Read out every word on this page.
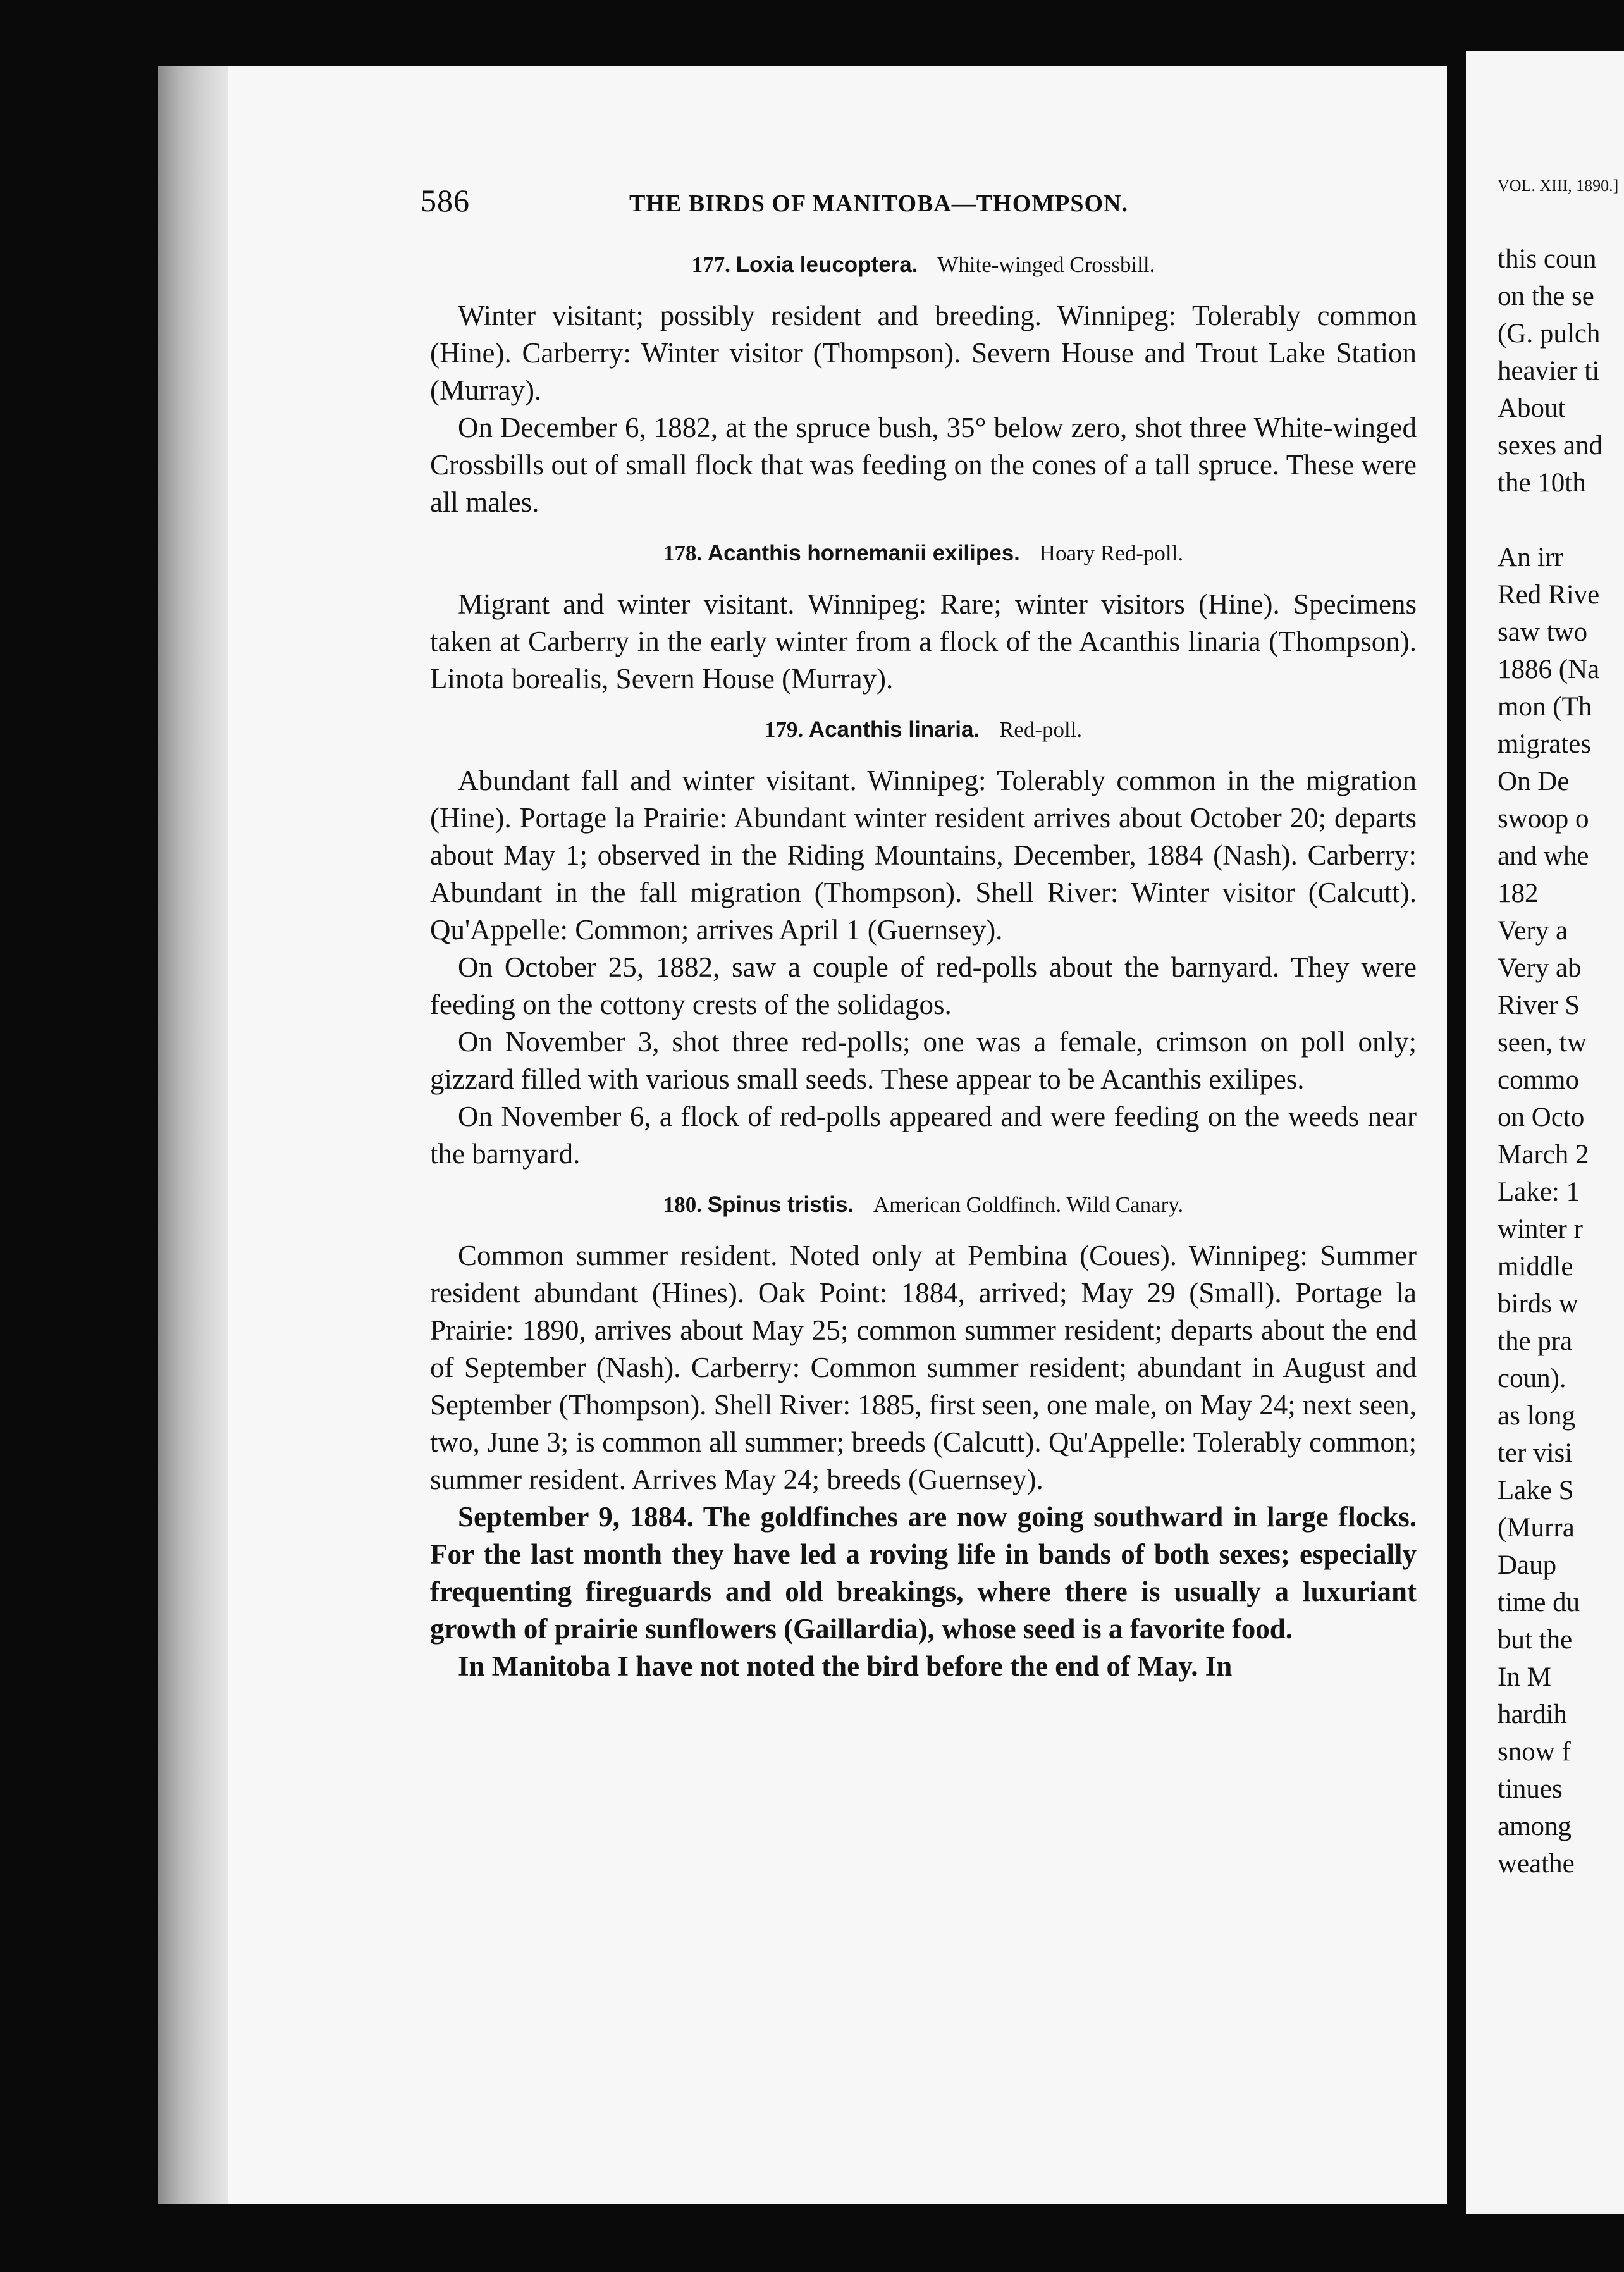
586	THE BIRDS OF MANITOBA—THOMPSON.
177. Loxia leucoptera. White-winged Crossbill.

Winter visitant; possibly resident and breeding. Winnipeg: Tolerably common (Hine). Carberry: Winter visitor (Thompson). Severn House and Trout Lake Station (Murray).

On December 6, 1882, at the spruce bush, 35° below zero, shot three White-winged Crossbills out of small flock that was feeding on the cones of a tall spruce. These were all males.

178. Acanthis hornemanii exilipes. Hoary Red-poll.

Migrant and winter visitant. Winnipeg: Rare; winter visitors (Hine). Specimens taken at Carberry in the early winter from a flock of the Acanthis linaria (Thompson). Linota borealis, Severn House (Murray).

179. Acanthis linaria. Red-poll.

Abundant fall and winter visitant. Winnipeg: Tolerably common in the migration (Hine). Portage la Prairie: Abundant winter resident arrives about October 20; departs about May 1; observed in the Riding Mountains, December, 1884 (Nash). Carberry: Abundant in the fall migration (Thompson). Shell River: Winter visitor (Calcutt). Qu'Appelle: Common; arrives April 1 (Guernsey).

On October 25, 1882, saw a couple of red-polls about the barnyard. They were feeding on the cottony crests of the solidagos.

On November 3, shot three red-polls; one was a female, crimson on poll only; gizzard filled with various small seeds. These appear to be Acanthis exilipes.

On November 6, a flock of red-polls appeared and were feeding on the weeds near the barnyard.

180. Spinus tristis. American Goldfinch. Wild Canary.

Common summer resident. Noted only at Pembina (Coues). Winnipeg: Summer resident abundant (Hines). Oak Point: 1884, arrived; May 29 (Small). Portage la Prairie: 1890, arrives about May 25; common summer resident; departs about the end of September (Nash). Carberry: Common summer resident; abundant in August and September (Thompson). Shell River: 1885, first seen, one male, on May 24; next seen, two, June 3; is common all summer; breeds (Calcutt). Qu'Appelle: Tolerably common; summer resident. Arrives May 24; breeds (Guernsey).

September 9, 1884. The goldfinches are now going southward in large flocks. For the last month they have led a roving life in bands of both sexes; especially frequenting fireguards and old breakings, where there is usually a luxuriant growth of prairie sunflowers (Gaillardia), whose seed is a favorite food.

In Manitoba I have not noted the bird before the end of May. In

VOL. XIII, 1890.]
this coun
on the se
(G. pulch
heavier ti
About
sexes and
the 10th

An irr
Red Rive
saw two
1886 (Na
mon (Th
migrates
On De
swoop o
and whe
182
Very a
Very ab
River S
seen, tw
commo
on Octo
March 2
Lake: 1
winter r
middle
birds w
the pra
coun).
as long
ter visi
Lake S
(Murra
Daup
time du
but the
In M
hardih
snow f
tinues
among
weathe
